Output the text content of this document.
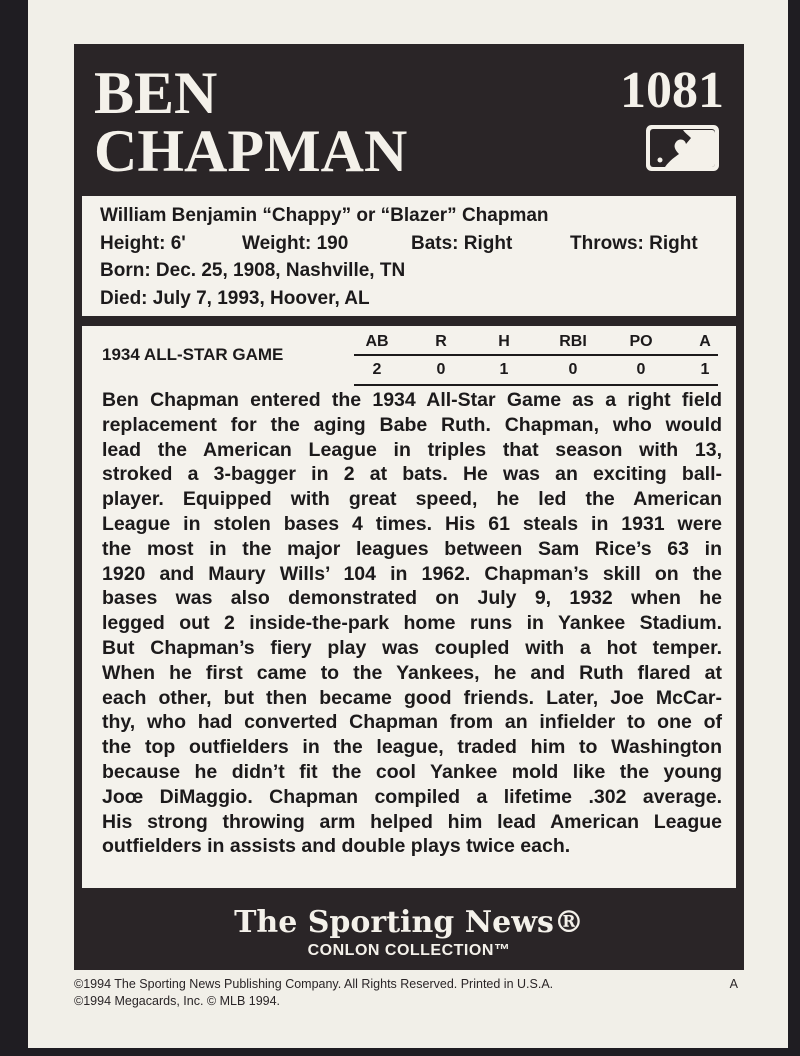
BEN
CHAPMAN
1081
William Benjamin “Chappy” or “Blazer” Chapman
Height: 6'	Weight: 190	Bats: Right	Throws: Right
Born: Dec. 25, 1908, Nashville, TN
Died: July 7, 1993, Hoover, AL
1934 ALL-STAR GAME
AB	R	H	RBI	PO	A
2	0	1	0	0	1
Ben Chapman entered the 1934 All-Star Game as a right field
replacement for the aging Babe Ruth. Chapman, who would
lead the American League in triples that season with 13,
stroked a 3-bagger in 2 at bats. He was an exciting ball-
player. Equipped with great speed, he led the American
League in stolen bases 4 times. His 61 steals in 1931 were
the most in the major leagues between Sam Rice’s 63 in
1920 and Maury Wills’ 104 in 1962. Chapman’s skill on the
bases was also demonstrated on July 9, 1932 when he
legged out 2 inside-the-park home runs in Yankee Stadium.
But Chapman’s fiery play was coupled with a hot temper.
When he first came to the Yankees, he and Ruth flared at
each other, but then became good friends. Later, Joe McCar-
thy, who had converted Chapman from an infielder to one of
the top outfielders in the league, traded him to Washington
because he didn’t fit the cool Yankee mold like the young
Joœ DiMaggio. Chapman compiled a lifetime .302 average.
His strong throwing arm helped him lead American League
outfielders in assists and double plays twice each.
The Sporting News®
CONLON COLLECTION™
©1994 The Sporting News Publishing Company. All Rights Reserved. Printed in U.S.A.
©1994 Megacards, Inc. © MLB 1994.
A
